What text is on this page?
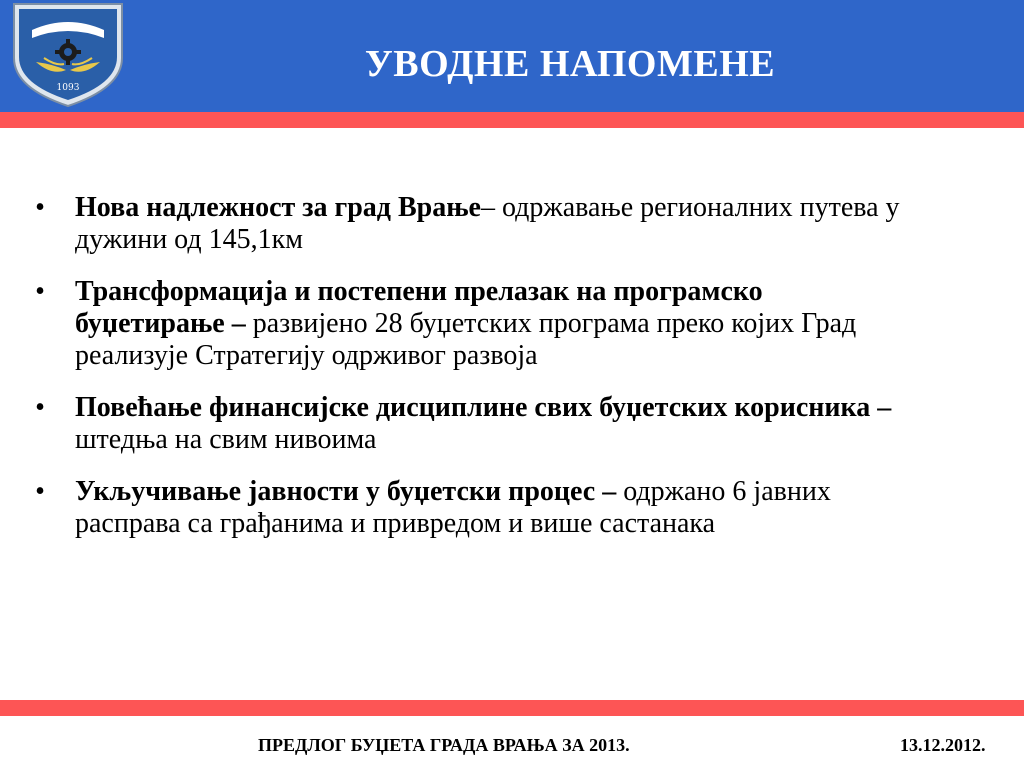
1093
УВОДНЕ НАПОМЕНЕ
• Нова надлежност за град Врање– одржавање регионалних путева у дужини од 145,1км
• Трансформација и постепени прелазак на програмско буџетирање – развијено 28 буџетских програма преко којих Град реализује Стратегију одрживог развоја
• Повећање финансијске дисциплине свих буџетских корисника – штедња на свим нивоима
• Укључивање јавности у буџетски процес – одржано 6 јавних расправа са грађанима и привредом и више састанака
ПРЕДЛОГ БУЏЕТА ГРАДА ВРАЊА ЗА 2013.	13.12.2012.
